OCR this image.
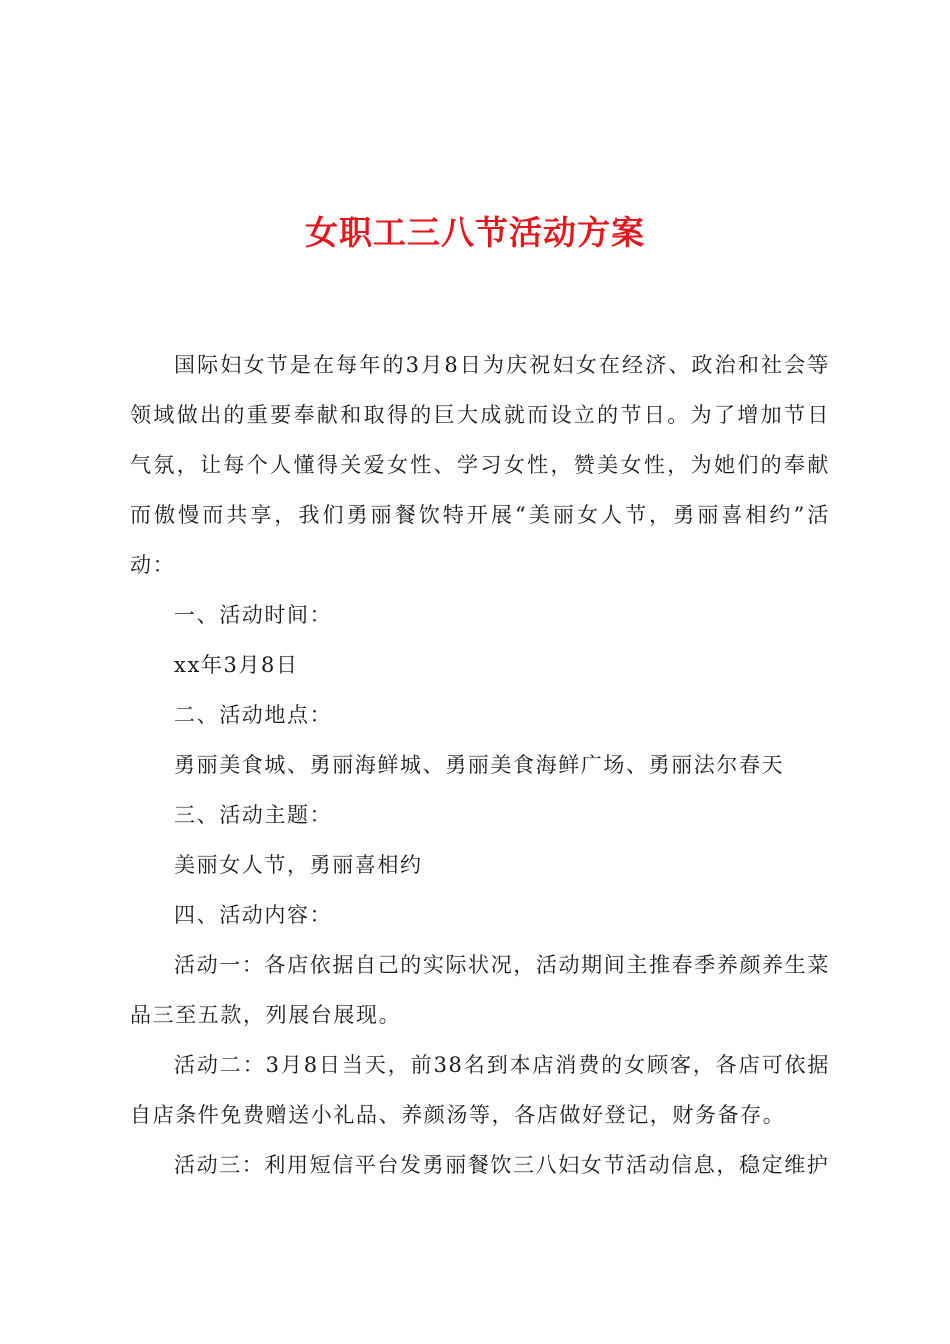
女职工三八节活动方案

国际妇女节是在每年的3月8日为庆祝妇女在经济、政治和社会等领域做出的重要奉献和取得的巨大成就而设立的节日。为了增加节日气氛，让每个人懂得关爱女性、学习女性，赞美女性，为她们的奉献而傲慢而共享，我们勇丽餐饮特开展“美丽女人节，勇丽喜相约”活动：

一、活动时间：

xx年3月8日

二、活动地点：

勇丽美食城、勇丽海鲜城、勇丽美食海鲜广场、勇丽法尔春天

三、活动主题：

美丽女人节，勇丽喜相约

四、活动内容：

活动一：各店依据自己的实际状况，活动期间主推春季养颜养生菜品三至五款，列展台展现。

活动二：3月8日当天，前38名到本店消费的女顾客，各店可依据自店条件免费赠送小礼品、养颜汤等，各店做好登记，财务备存。

活动三：利用短信平台发勇丽餐饮三八妇女节活动信息，稳定维护
